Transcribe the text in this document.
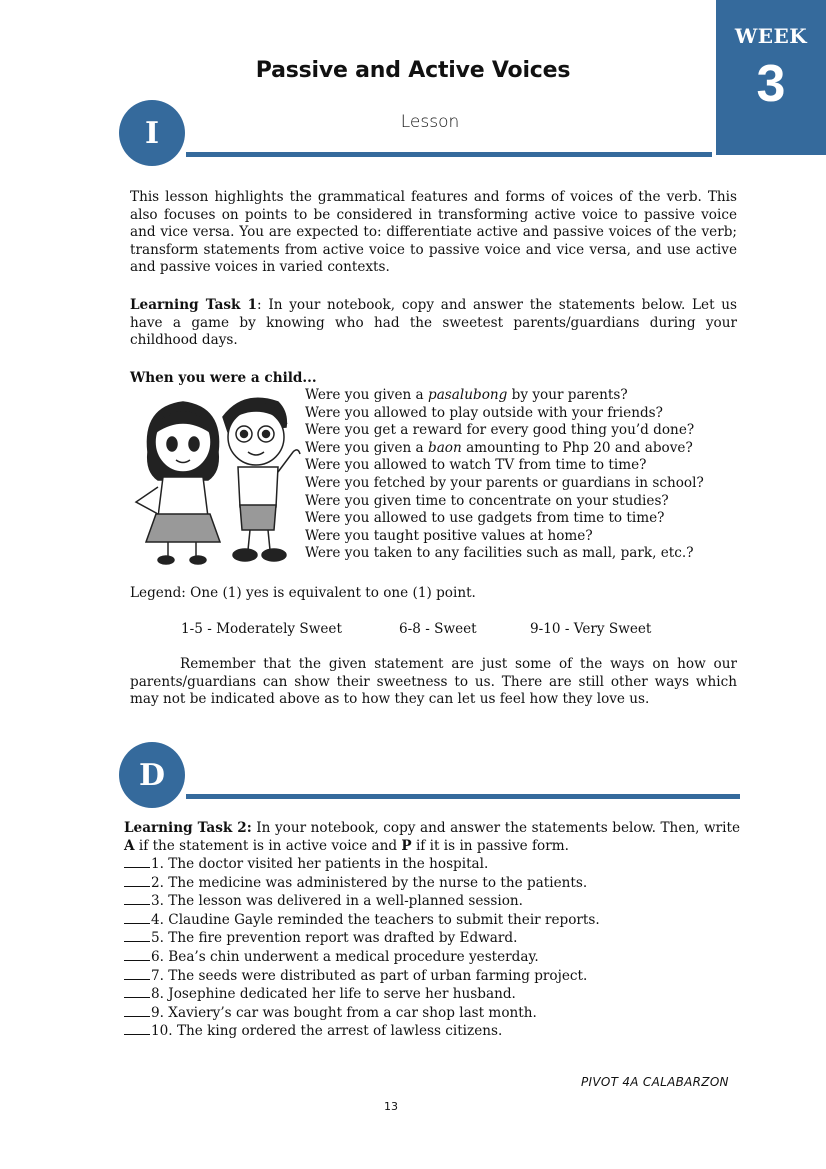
WEEK
3
Passive and Active Voices
I	Lesson

This lesson highlights the grammatical features and forms of voices of the verb. This also focuses on points to be considered in transforming active voice to passive voice and vice versa. You are expected to: differentiate active and passive voices of the verb; transform statements from active voice to passive voice and vice versa, and use active and passive voices in varied contexts.

Learning Task 1: In your notebook, copy and answer the statements below. Let us have a game by knowing who had the sweetest parents/guardians during your childhood days.

When you were a child...

Were you given a pasalubong by your parents?
Were you allowed to play outside with your friends?
Were you get a reward for every good thing you’d done?
Were you given a baon amounting to Php 20 and above?
Were you allowed to watch TV from time to time?
Were you fetched by your parents or guardians in school?
Were you given time to concentrate on your studies?
Were you allowed to use gadgets from time to time?
Were you taught positive values at home?
Were you taken to any facilities such as mall, park, etc.?
Legend: One (1) yes is equivalent to one (1) point.
1-5 - Moderately Sweet	6-8 - Sweet	9-10 - Very Sweet

Remember that the given statement are just some of the ways on how our parents/guardians can show their sweetness to us. There are still other ways which may not be indicated above as to how they can let us feel how they love us.

D

Learning Task 2: In your notebook, copy and answer the statements below. Then, write A if the statement is in active voice and P if it is in passive form.

1. The doctor visited her patients in the hospital.
2. The medicine was administered by the nurse to the patients.
3. The lesson was delivered in a well-planned session.
4. Claudine Gayle reminded the teachers to submit their reports.
5. The fire prevention report was drafted by Edward.
6. Bea’s chin underwent a medical procedure yesterday.
7. The seeds were distributed as part of urban farming project.
8. Josephine dedicated her life to serve her husband.
9. Xaviery’s car was bought from a car shop last month.
10. The king ordered the arrest of lawless citizens.
PIVOT 4A CALABARZON
13
